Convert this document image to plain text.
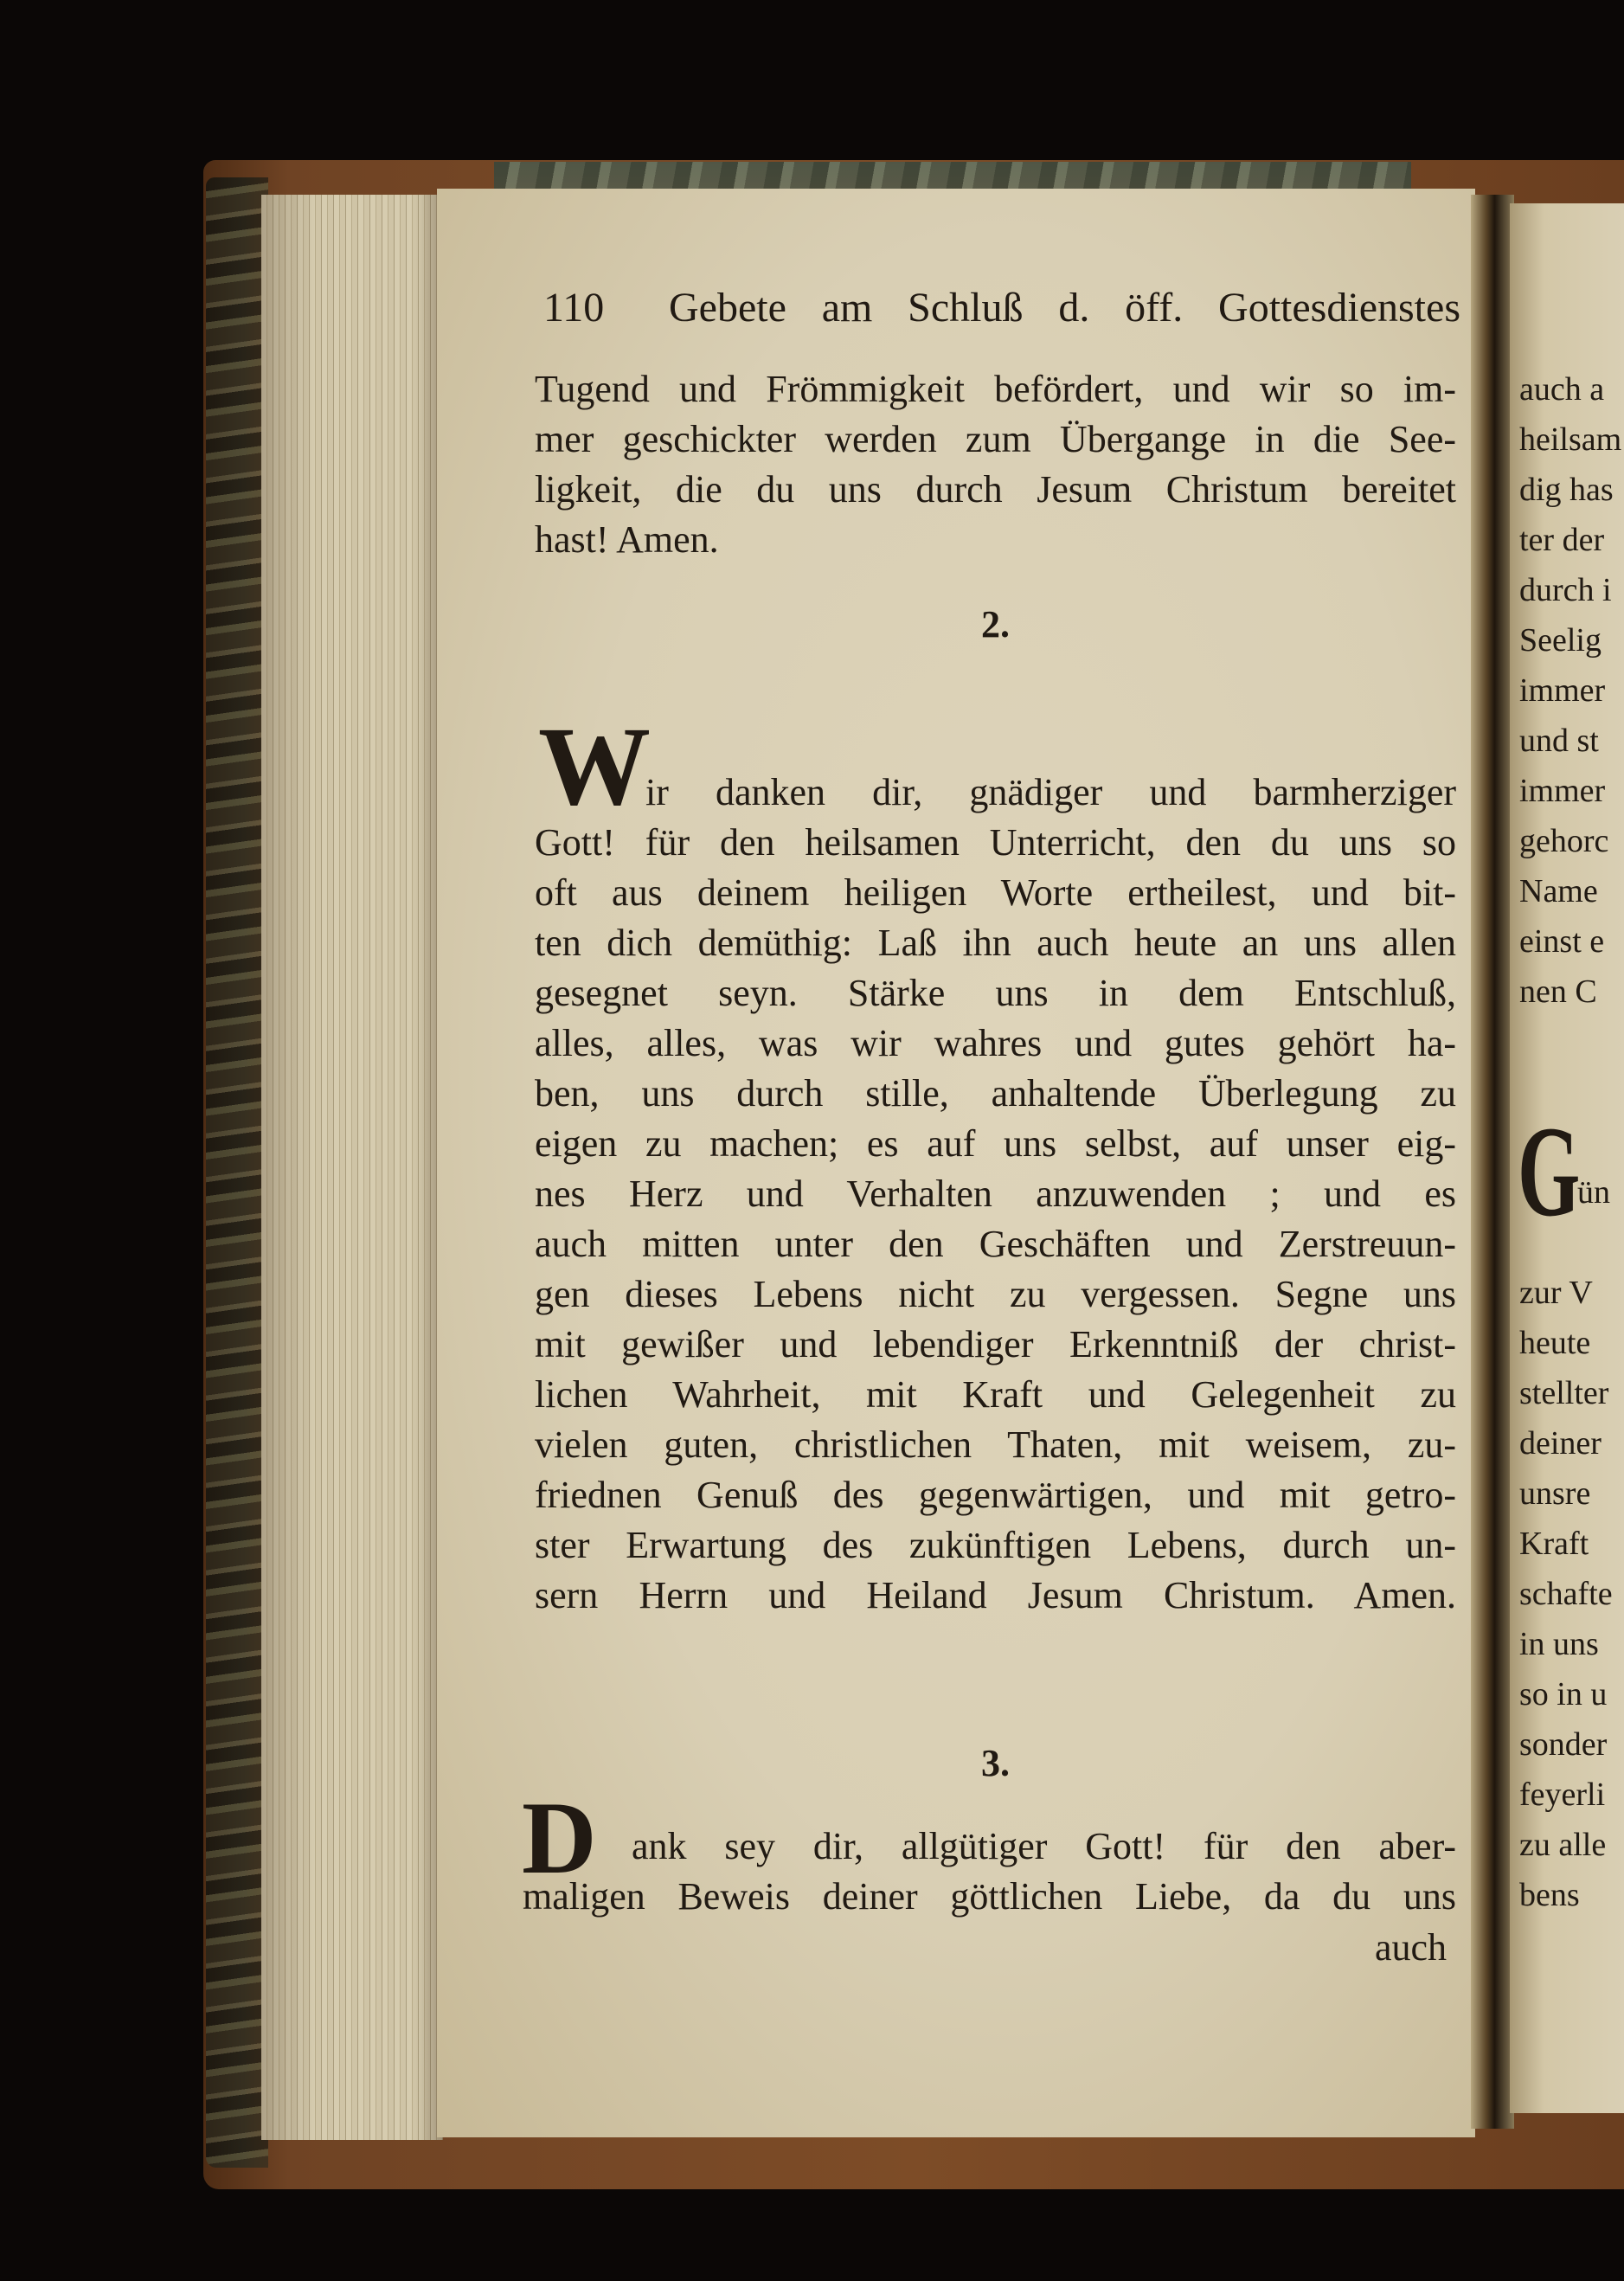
110	Gebete am Schluß d. öff. Gottesdienstes
Tugend und Frömmigkeit befördert, und wir so im-
mer geschickter werden zum Übergange in die See-
ligkeit, die du uns durch Jesum Christum bereitet
hast! Amen.
2.
W
ir danken dir, gnädiger und barmherziger
Gott! für den heilsamen Unterricht, den du uns so
oft aus deinem heiligen Worte ertheilest, und bit-
ten dich demüthig: Laß ihn auch heute an uns allen
gesegnet seyn. Stärke uns in dem Entschluß,
alles, alles, was wir wahres und gutes gehört ha-
ben, uns durch stille, anhaltende Überlegung zu
eigen zu machen; es auf uns selbst, auf unser eig-
nes Herz und Verhalten anzuwenden ; und es
auch mitten unter den Geschäften und Zerstreuun-
gen dieses Lebens nicht zu vergessen. Segne uns
mit gewißer und lebendiger Erkenntniß der christ-
lichen Wahrheit, mit Kraft und Gelegenheit zu
vielen guten, christlichen Thaten, mit weisem, zu-
friednen Genuß des gegenwärtigen, und mit getro-
ster Erwartung des zukünftigen Lebens, durch un-
sern Herrn und Heiland Jesum Christum. Amen.
3.
D ank sey dir, allgütiger Gott! für den aber-
maligen Beweis deiner göttlichen Liebe, da du uns
auch
auch a
heilsam
dig has
ter der
durch i
Seelig
immer
und st
immer
gehorc
Name
einst e
nen C
G
ün
zur V
heute
stellter
deiner
unsre
Kraft
schafte
in uns
so in u
sonder
feyerli
zu alle
bens
